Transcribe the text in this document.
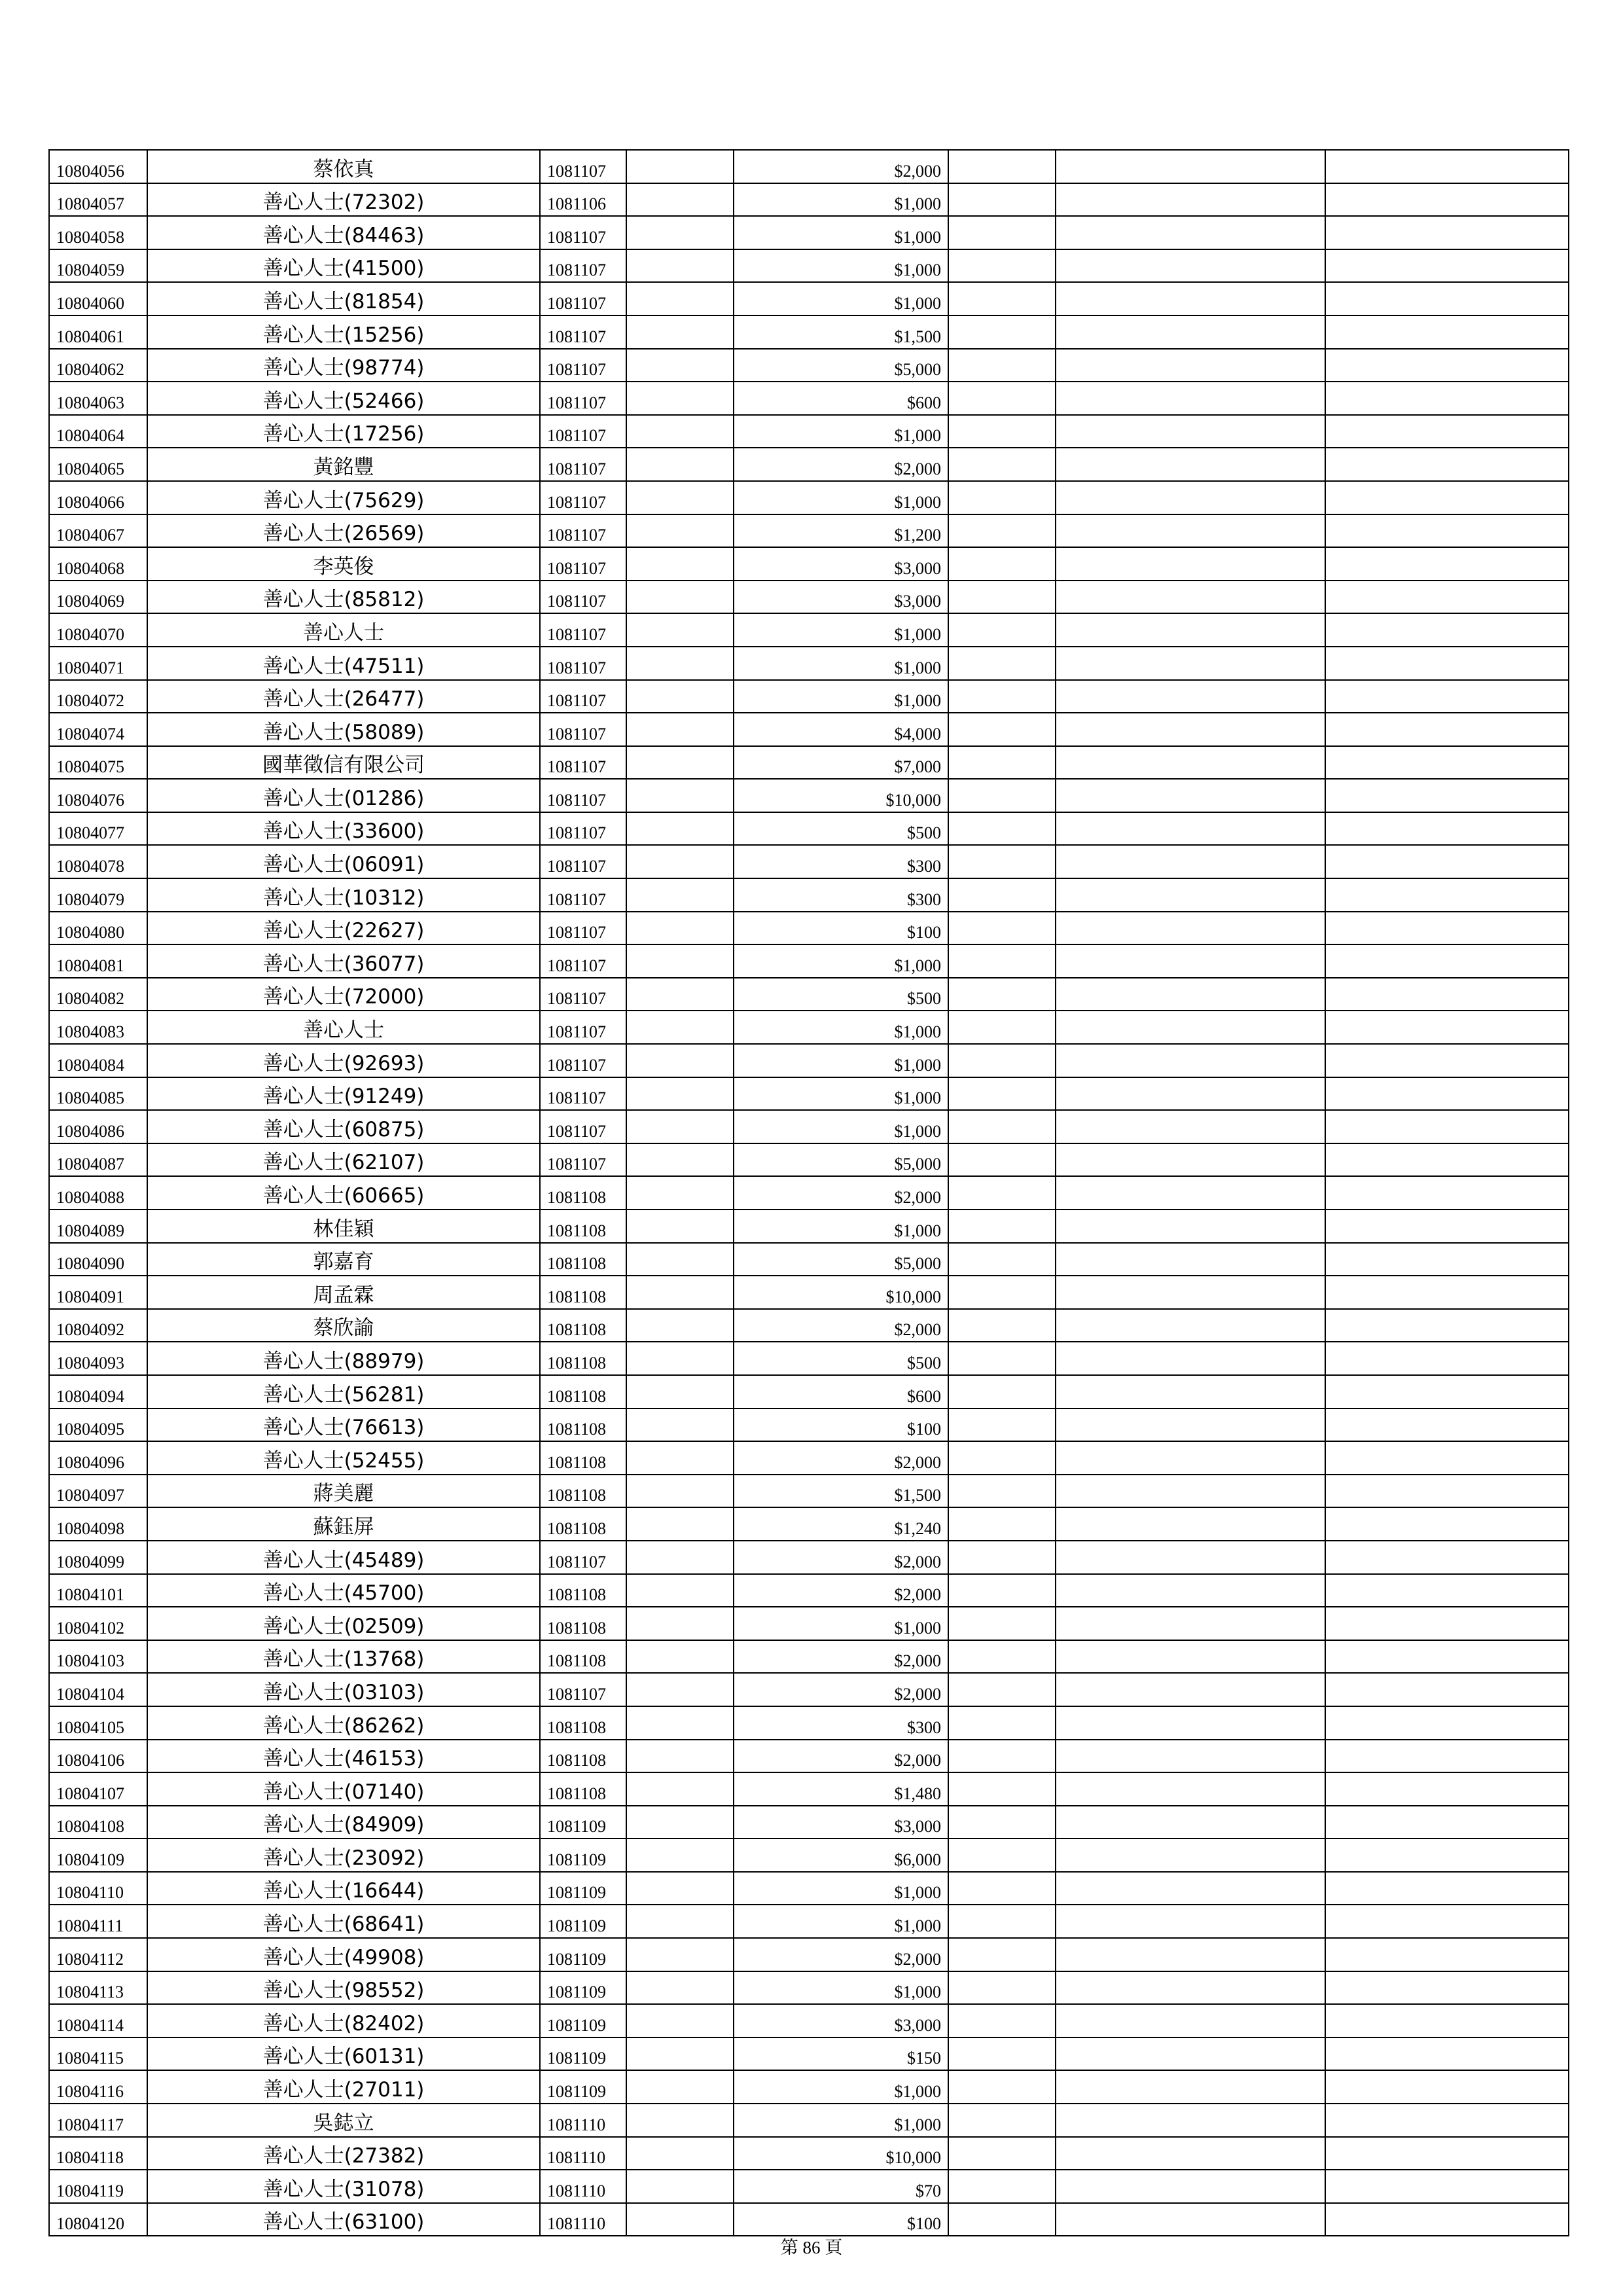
10804056	蔡依真	1081107		$2,000			
10804057	善心人士(72302)	1081106		$1,000			
10804058	善心人士(84463)	1081107		$1,000			
10804059	善心人士(41500)	1081107		$1,000			
10804060	善心人士(81854)	1081107		$1,000			
10804061	善心人士(15256)	1081107		$1,500			
10804062	善心人士(98774)	1081107		$5,000			
10804063	善心人士(52466)	1081107		$600			
10804064	善心人士(17256)	1081107		$1,000			
10804065	黃銘豐	1081107		$2,000			
10804066	善心人士(75629)	1081107		$1,000			
10804067	善心人士(26569)	1081107		$1,200			
10804068	李英俊	1081107		$3,000			
10804069	善心人士(85812)	1081107		$3,000			
10804070	善心人士	1081107		$1,000			
10804071	善心人士(47511)	1081107		$1,000			
10804072	善心人士(26477)	1081107		$1,000			
10804074	善心人士(58089)	1081107		$4,000			
10804075	國華徵信有限公司	1081107		$7,000			
10804076	善心人士(01286)	1081107		$10,000			
10804077	善心人士(33600)	1081107		$500			
10804078	善心人士(06091)	1081107		$300			
10804079	善心人士(10312)	1081107		$300			
10804080	善心人士(22627)	1081107		$100			
10804081	善心人士(36077)	1081107		$1,000			
10804082	善心人士(72000)	1081107		$500			
10804083	善心人士	1081107		$1,000			
10804084	善心人士(92693)	1081107		$1,000			
10804085	善心人士(91249)	1081107		$1,000			
10804086	善心人士(60875)	1081107		$1,000			
10804087	善心人士(62107)	1081107		$5,000			
10804088	善心人士(60665)	1081108		$2,000			
10804089	林佳穎	1081108		$1,000			
10804090	郭嘉育	1081108		$5,000			
10804091	周孟霖	1081108		$10,000			
10804092	蔡欣諭	1081108		$2,000			
10804093	善心人士(88979)	1081108		$500			
10804094	善心人士(56281)	1081108		$600			
10804095	善心人士(76613)	1081108		$100			
10804096	善心人士(52455)	1081108		$2,000			
10804097	蔣美麗	1081108		$1,500			
10804098	蘇鈺屏	1081108		$1,240			
10804099	善心人士(45489)	1081107		$2,000			
10804101	善心人士(45700)	1081108		$2,000			
10804102	善心人士(02509)	1081108		$1,000			
10804103	善心人士(13768)	1081108		$2,000			
10804104	善心人士(03103)	1081107		$2,000			
10804105	善心人士(86262)	1081108		$300			
10804106	善心人士(46153)	1081108		$2,000			
10804107	善心人士(07140)	1081108		$1,480			
10804108	善心人士(84909)	1081109		$3,000			
10804109	善心人士(23092)	1081109		$6,000			
10804110	善心人士(16644)	1081109		$1,000			
10804111	善心人士(68641)	1081109		$1,000			
10804112	善心人士(49908)	1081109		$2,000			
10804113	善心人士(98552)	1081109		$1,000			
10804114	善心人士(82402)	1081109		$3,000			
10804115	善心人士(60131)	1081109		$150			
10804116	善心人士(27011)	1081109		$1,000			
10804117	吳鋕立	1081110		$1,000			
10804118	善心人士(27382)	1081110		$10,000			
10804119	善心人士(31078)	1081110		$70			
10804120	善心人士(63100)	1081110		$100			
第 86 頁
